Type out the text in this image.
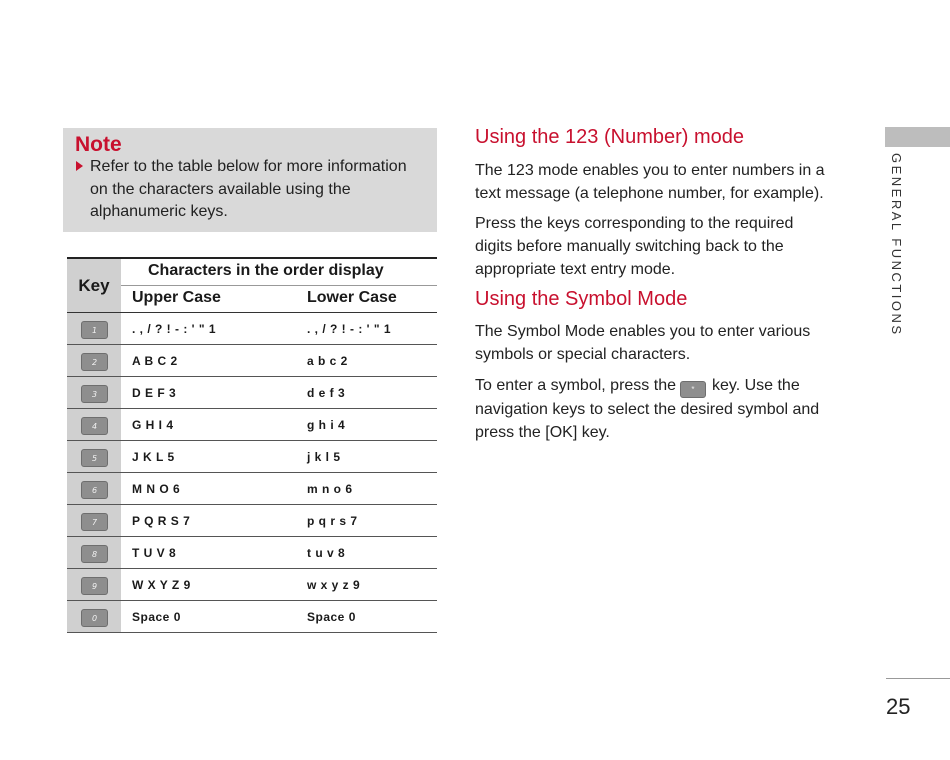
Note
Refer to the table below for more information on the characters available using the alphanumeric keys.
Key
Characters in the order display
Upper Case	Lower Case
1	. , / ? ! - : ' " 1	. , / ? ! - : ' " 1
2	A B C 2	a b c 2
3	D E F 3	d e f 3
4	G H I 4	g h i 4
5	J K L 5	j k l 5
6	M N O 6	m n o 6
7	P Q R S 7	p q r s 7
8	T U V 8	t u v 8
9	W X Y Z 9	w x y z 9
0	Space 0	Space 0
Using the 123 (Number) mode
The 123 mode enables you to enter numbers in a text message (a telephone number, for example).
Press the keys corresponding to the required digits before manually switching back to the appropriate text entry mode.
Using the Symbol Mode
The Symbol Mode enables you to enter various symbols or special characters.
To enter a symbol, press the * key. Use the navigation keys to select the desired symbol and press the [OK] key.
GENERAL FUNCTIONS
25
